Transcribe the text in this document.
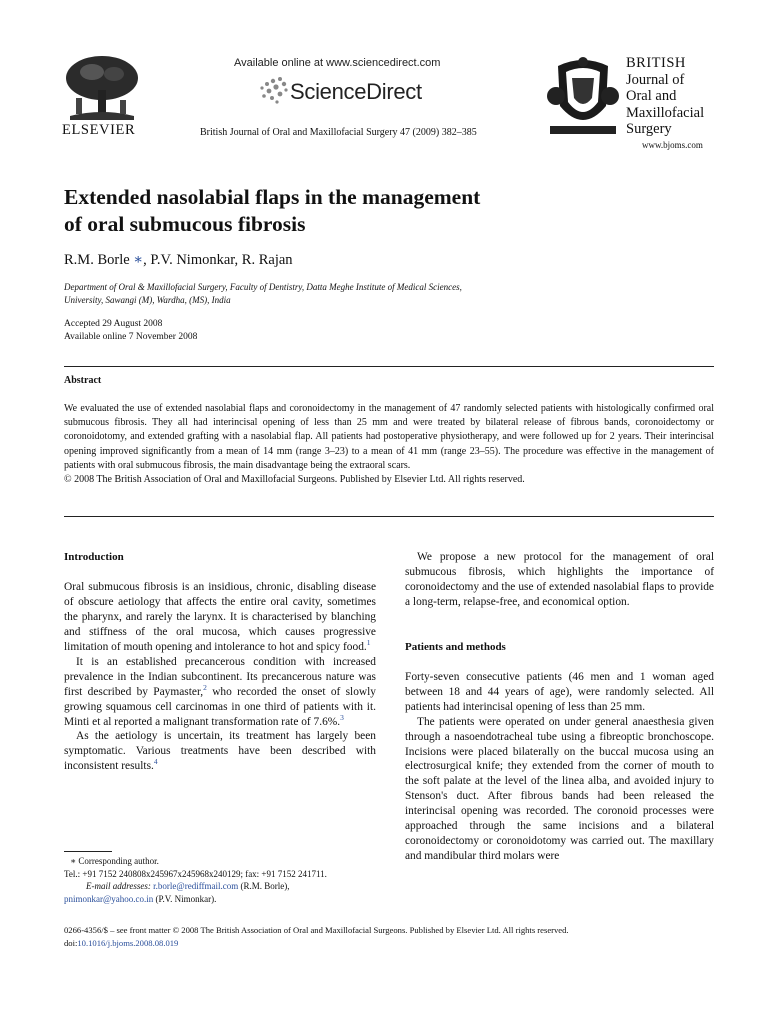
Available online at www.sciencedirect.com
ScienceDirect
ELSEVIER	British Journal of Oral and Maxillofacial Surgery 47 (2009) 382–385
BRITISH
Journal of
Oral and
Maxillofacial
Surgery
www.bjoms.com
Extended nasolabial flaps in the management
of oral submucous fibrosis
R.M. Borle ∗, P.V. Nimonkar, R. Rajan
Department of Oral & Maxillofacial Surgery, Faculty of Dentistry, Datta Meghe Institute of Medical Sciences,
University, Sawangi (M), Wardha, (MS), India
Accepted 29 August 2008
Available online 7 November 2008
Abstract
We evaluated the use of extended nasolabial flaps and coronoidectomy in the management of 47 randomly selected patients with histologically confirmed oral submucous fibrosis. They all had interincisal opening of less than 25 mm and were treated by bilateral release of fibrous bands, coronoidectomy or coronoidotomy, and extended grafting with a nasolabial flap. All patients had postoperative physiotherapy, and were followed up for 2 years. Their interincisal opening improved significantly from a mean of 14 mm (range 3–23) to a mean of 41 mm (range 23–55). The procedure was effective in the management of patients with oral submucous fibrosis, the main disadvantage being the extraoral scars.
© 2008 The British Association of Oral and Maxillofacial Surgeons. Published by Elsevier Ltd. All rights reserved.

Introduction

Oral submucous fibrosis is an insidious, chronic, disabling disease of obscure aetiology that affects the entire oral cavity, sometimes the pharynx, and rarely the larynx. It is characterised by blanching and stiffness of the oral mucosa, which causes progressive limitation of mouth opening and intolerance to hot and spicy food.$^1$

It is an established precancerous condition with increased prevalence in the Indian subcontinent. Its precancerous nature was first described by Paymaster,$^2$ who recorded the onset of slowly growing squamous cell carcinomas in one third of patients with it. Minti et al reported a malignant transformation rate of 7.6%.$^3$

As the aetiology is uncertain, its treatment has largely been symptomatic. Various treatments have been described with inconsistent results.$^4$

∗ Corresponding author.
Tel.: +91 7152 240808x245967x245968x240129; fax: +91 7152 241711.
E-mail addresses: r.borle@rediffmail.com (R.M. Borle),
pnimonkar@yahoo.co.in (P.V. Nimonkar).

We propose a new protocol for the management of oral submucous fibrosis, which highlights the importance of coronoidectomy and the use of extended nasolabial flaps to provide a long-term, relapse-free, and economical option.

Patients and methods

Forty-seven consecutive patients (46 men and 1 woman aged between 18 and 44 years of age), were randomly selected. All patients had interincisal opening of less than 25 mm.

The patients were operated on under general anaesthesia given through a nasoendotracheal tube using a fibreoptic bronchoscope. Incisions were placed bilaterally on the buccal mucosa using an electrosurgical knife; they extended from the corner of mouth to the soft palate at the level of the linea alba, and avoided injury to Stenson's duct. After fibrous bands had been released the interincisal opening was recorded. The coronoid processes were approached through the same incisions and a bilateral coronoidectomy or coronoidotomy was carried out. The maxillary and mandibular third molars were

0266-4356/$ – see front matter © 2008 The British Association of Oral and Maxillofacial Surgeons. Published by Elsevier Ltd. All rights reserved.
doi:10.1016/j.bjoms.2008.08.019
